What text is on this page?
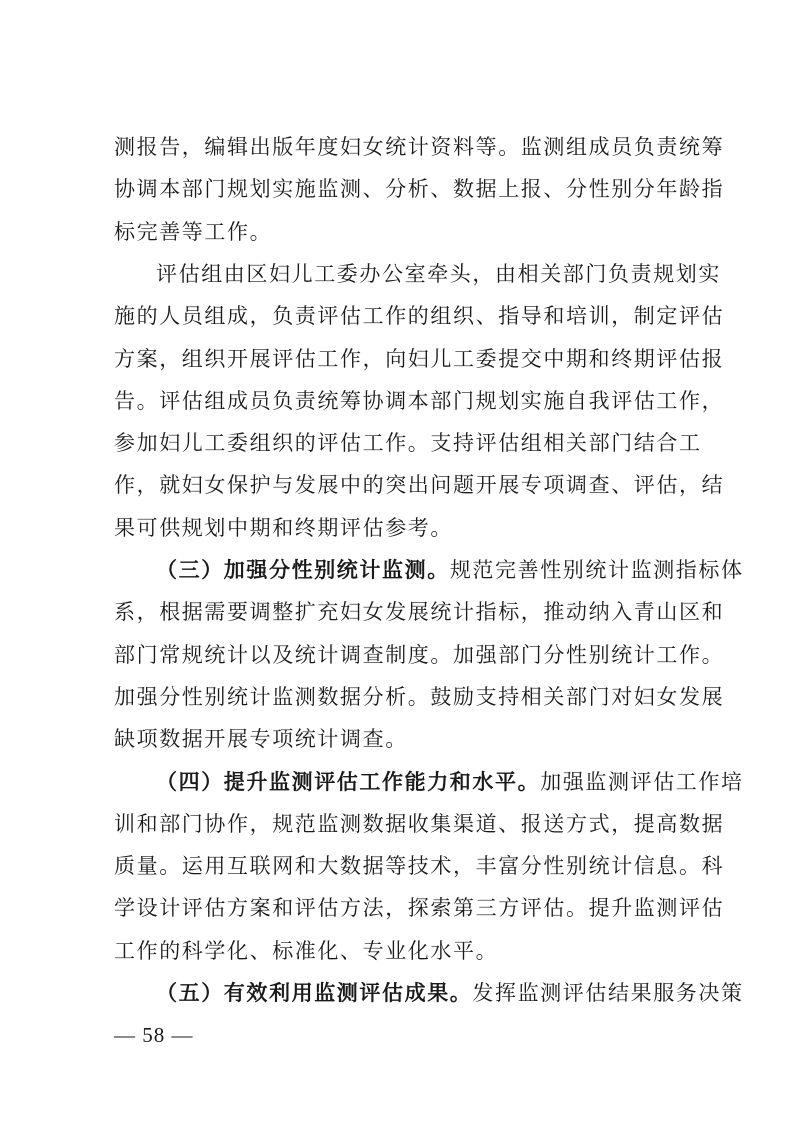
测报告，编辑出版年度妇女统计资料等。监测组成员负责统筹
协调本部门规划实施监测、分析、数据上报、分性别分年龄指
标完善等工作。
评估组由区妇儿工委办公室牵头，由相关部门负责规划实
施的人员组成，负责评估工作的组织、指导和培训，制定评估
方案，组织开展评估工作，向妇儿工委提交中期和终期评估报
告。评估组成员负责统筹协调本部门规划实施自我评估工作，
参加妇儿工委组织的评估工作。支持评估组相关部门结合工
作，就妇女保护与发展中的突出问题开展专项调查、评估，结
果可供规划中期和终期评估参考。
（三）加强分性别统计监测。规范完善性别统计监测指标体
系，根据需要调整扩充妇女发展统计指标，推动纳入青山区和
部门常规统计以及统计调查制度。加强部门分性别统计工作。
加强分性别统计监测数据分析。鼓励支持相关部门对妇女发展
缺项数据开展专项统计调查。
（四）提升监测评估工作能力和水平。加强监测评估工作培
训和部门协作，规范监测数据收集渠道、报送方式，提高数据
质量。运用互联网和大数据等技术，丰富分性别统计信息。科
学设计评估方案和评估方法，探索第三方评估。提升监测评估
工作的科学化、标准化、专业化水平。
（五）有效利用监测评估成果。发挥监测评估结果服务决策
— 58 —
